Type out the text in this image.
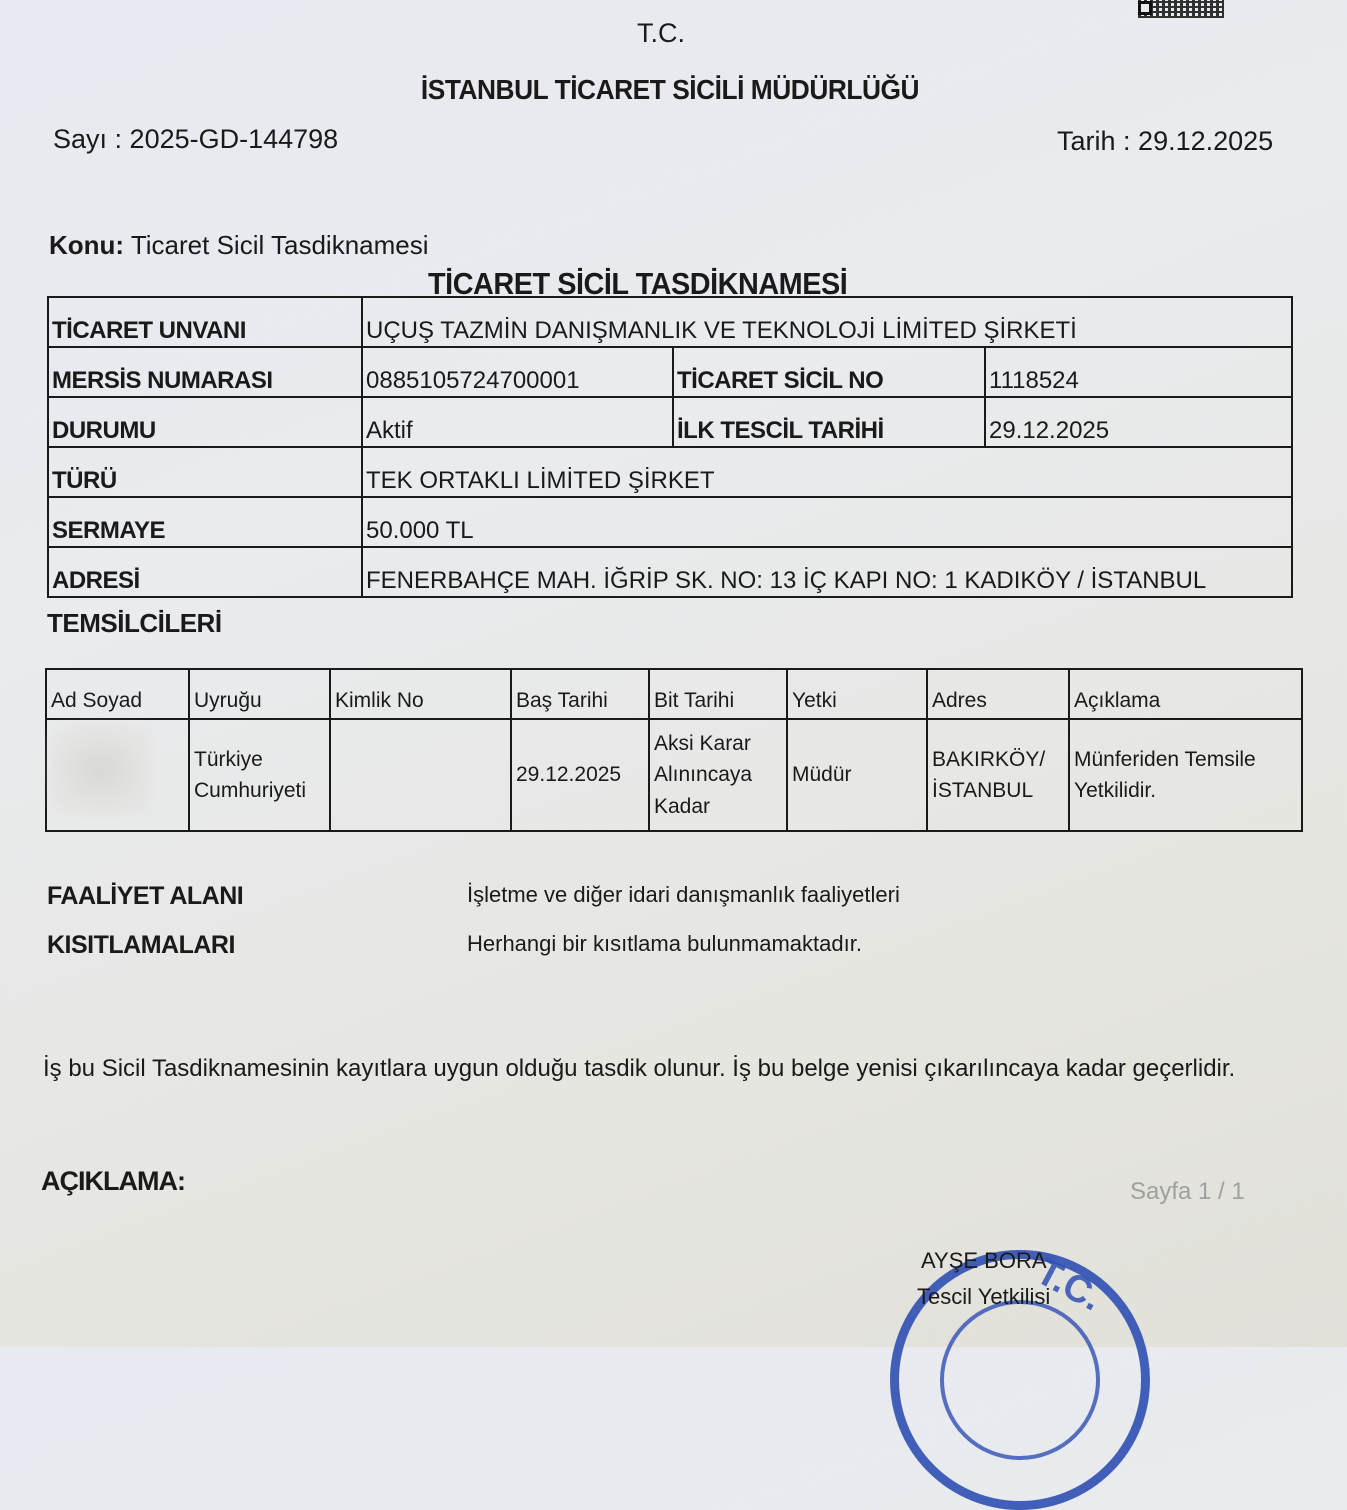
T.C.
İSTANBUL TİCARET SİCİLİ MÜDÜRLÜĞÜ
Sayı : 2025-GD-144798	Tarih : 29.12.2025
Konu: Ticaret Sicil Tasdiknamesi
TİCARET SİCİL TASDİKNAMESİ
TİCARET UNVANI	UÇUŞ TAZMİN DANIŞMANLIK VE TEKNOLOJİ LİMİTED ŞİRKETİ		
MERSİS NUMARASI	0885105724700001	TİCARET SİCİL NO	1118524
DURUMU	Aktif	İLK TESCİL TARİHİ	29.12.2025
TÜRÜ	TEK ORTAKLI LİMİTED ŞİRKET		
SERMAYE	50.000 TL		
ADRESİ	FENERBAHÇE MAH. İĞRİP SK. NO: 13 İÇ KAPI NO: 1 KADIKÖY / İSTANBUL		
TEMSİLCİLERİ
Ad Soyad	Uyruğu	Kimlik No	Baş Tarihi	Bit Tarihi	Yetki	Adres	Açıklama
	Türkiye Cumhuriyeti		29.12.2025	Aksi Karar Alınıncaya Kadar	Müdür	BAKIRKÖY/İSTANBUL	Münferiden Temsile Yetkilidir.
FAALİYET ALANI	İşletme ve diğer idari danışmanlık faaliyetleri
KISITLAMALARI	Herhangi bir kısıtlama bulunmamaktadır.
İş bu Sicil Tasdiknamesinin kayıtlara uygun olduğu tasdik olunur. İş bu belge yenisi çıkarılıncaya kadar geçerlidir.
AÇIKLAMA:	Sayfa 1 / 1
T.C.
AYŞE BORA
Tescil Yetkilisi
